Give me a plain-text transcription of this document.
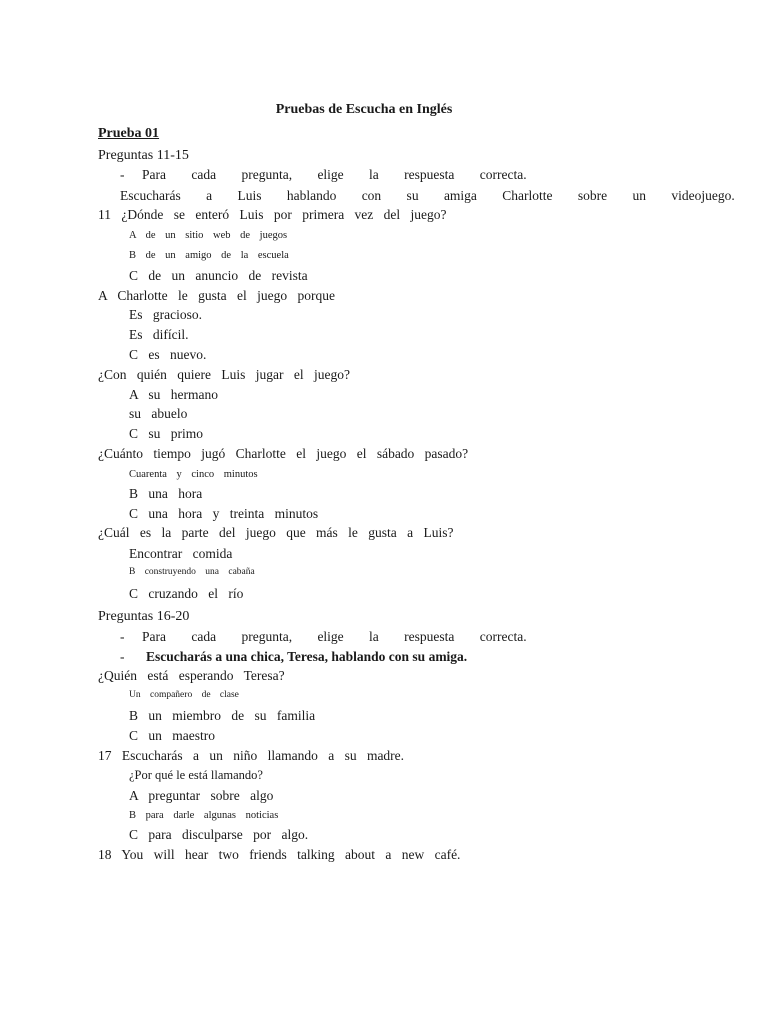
Pruebas de Escucha en Inglés
Prueba 01
Preguntas 11-15
- Para cada pregunta, elige la respuesta correcta.
Escucharás a Luis hablando con su amiga Charlotte sobre un videojuego.
11 ¿Dónde se enteró Luis por primera vez del juego?
A de un sitio web de juegos
B de un amigo de la escuela
C de un anuncio de revista
A Charlotte le gusta el juego porque
Es gracioso.
Es difícil.
C es nuevo.
¿Con quién quiere Luis jugar el juego?
A su hermano
su abuelo
C su primo
¿Cuánto tiempo jugó Charlotte el juego el sábado pasado?
Cuarenta y cinco minutos
B una hora
C una hora y treinta minutos
¿Cuál es la parte del juego que más le gusta a Luis?
Encontrar comida
B construyendo una cabaña
C cruzando el río
Preguntas 16-20
- Para cada pregunta, elige la respuesta correcta.
- Escucharás a una chica, Teresa, hablando con su amiga.
¿Quién está esperando Teresa?
Un compañero de clase
B un miembro de su familia
C un maestro
17 Escucharás a un niño llamando a su madre.
¿Por qué le está llamando?
A preguntar sobre algo
B para darle algunas noticias
C para disculparse por algo.
18 You will hear two friends talking about a new café.
